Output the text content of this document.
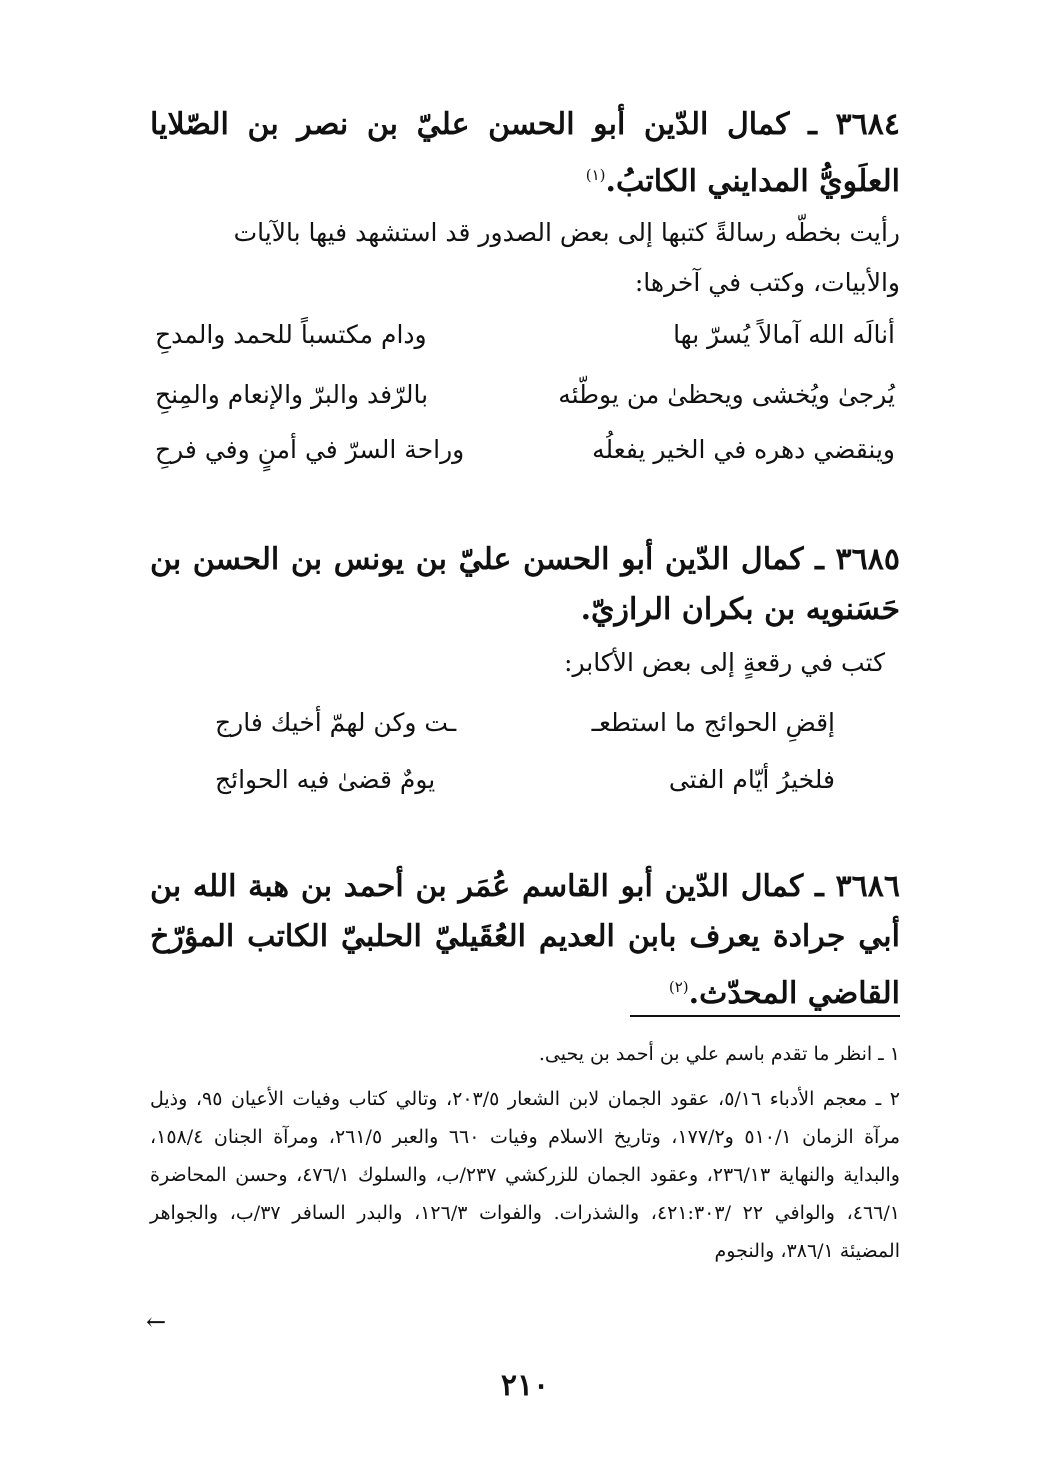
٣٦٨٤ ـ كمال الدّين أبو الحسن عليّ بن نصر بن الصّلايا العلَويُّ المدايني الكاتبُ.$^{(١)}$

رأيت بخطّه رسالةً كتبها إلى بعض الصدور قد استشهد فيها بالآيات والأبيات، وكتب في آخرها:

أنالَه الله آمالاً يُسرّ بها
ودام مكتسباً للحمد والمدحِ
يُرجىٰ ويُخشى ويحظىٰ من يوطّئه
بالرّفد والبرّ والإنعام والمِنحِ
وينقضي دهره في الخير يفعلُه
وراحة السرّ في أمنٍ وفي فرحِ

٣٦٨٥ ـ كمال الدّين أبو الحسن عليّ بن يونس بن الحسن بن حَسَنويه بن بكران الرازيّ.

كتب في رقعةٍ إلى بعض الأكابر:

إقضِ الحوائج ما استطعـ
ـت وكن لهمّ أخيك فارج
فلخيرُ أيّام الفتى
يومٌ قضىٰ فيه الحوائج

٣٦٨٦ ـ كمال الدّين أبو القاسم عُمَر بن أحمد بن هبة الله بن أبي جرادة يعرف بابن العديم العُقَيليّ الحلبيّ الكاتب المؤرّخ القاضي المحدّث.$^{(٢)}$

١ ـ انظر ما تقدم باسم علي بن أحمد بن يحيى.

٢ ـ معجم الأدباء ٥/١٦، عقود الجمان لابن الشعار ٢٠٣/٥، وتالي كتاب وفيات الأعيان ٩٥، وذيل مرآة الزمان ٥١٠/١ و١٧٧/٢، وتاريخ الاسلام وفيات ٦٦٠ والعبر ٢٦١/٥، ومرآة الجنان ١٥٨/٤، والبداية والنهاية ٢٣٦/١٣، وعقود الجمان للزركشي ٢٣٧/ب، والسلوك ٤٧٦/١، وحسن المحاضرة ٤٦٦/١، والوافي ٢٢ /٤٢١:٣٠٣، والشذرات. والفوات ١٢٦/٣، والبدر السافر ٣٧/ب، والجواهر المضيئة ٣٨٦/١، والنجوم

←
٢١٠
